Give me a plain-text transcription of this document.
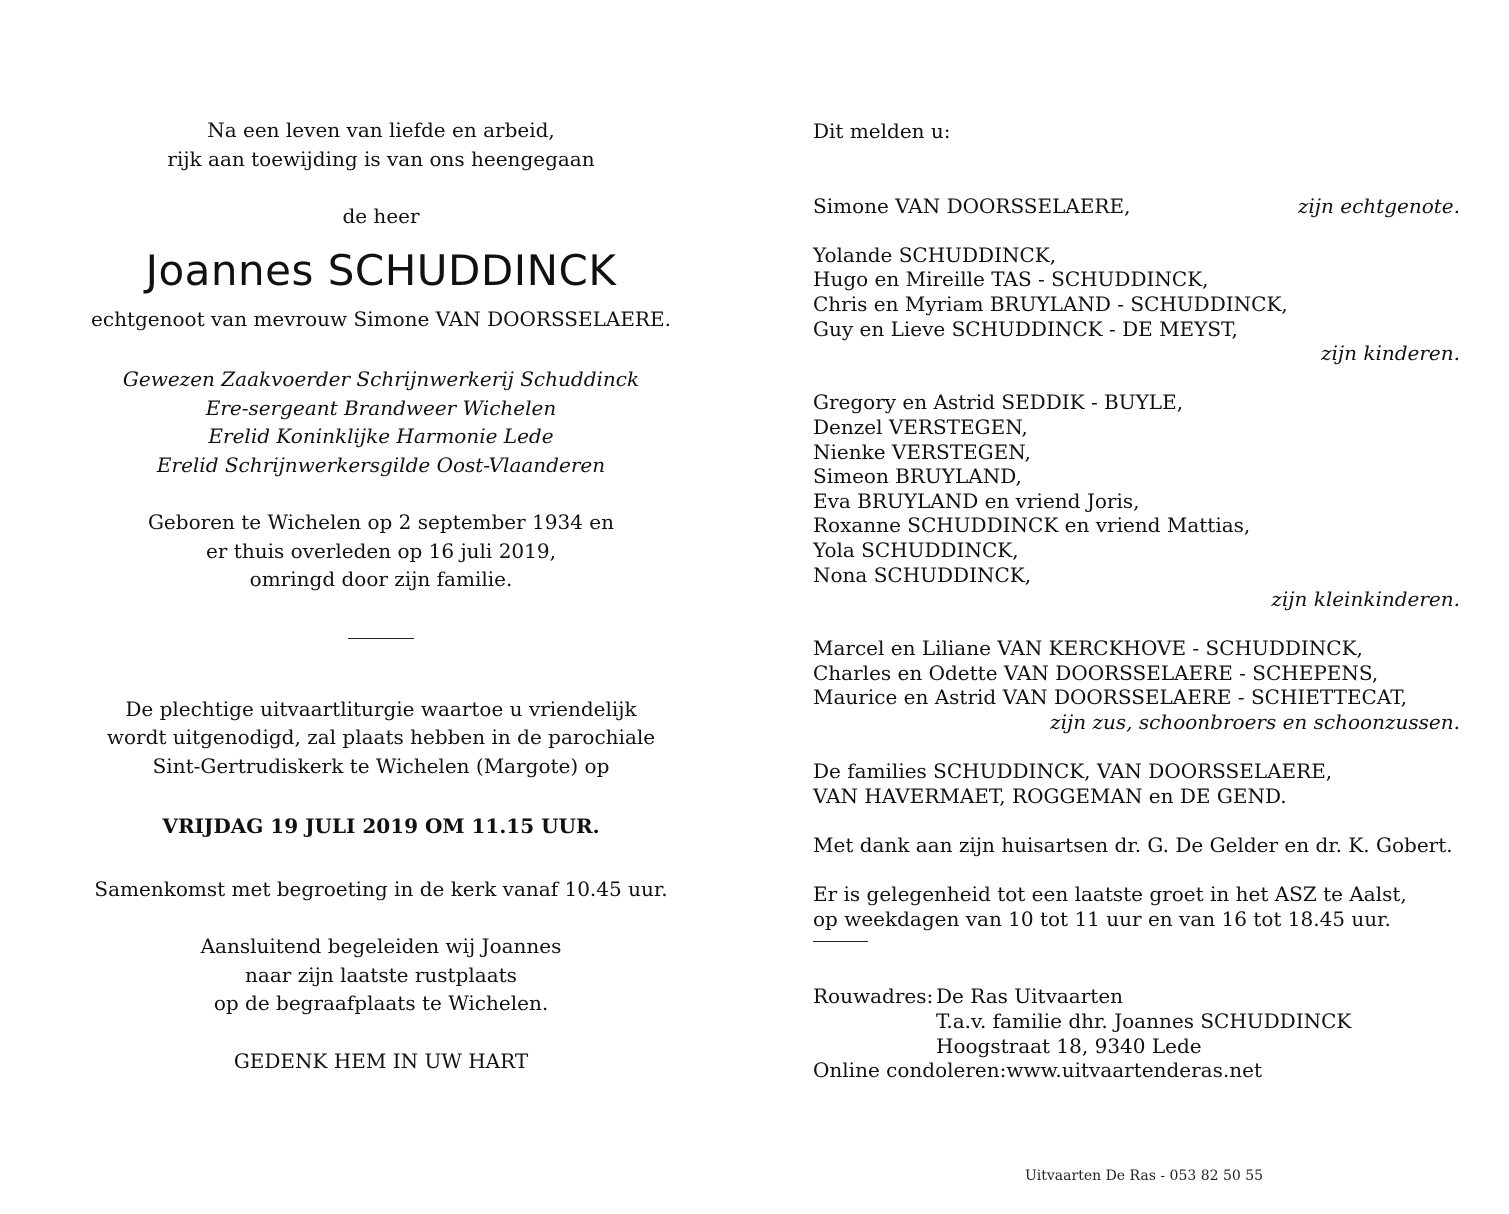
Na een leven van liefde en arbeid,
rijk aan toewijding is van ons heengegaan
de heer
Joannes SCHUDDINCK
echtgenoot van mevrouw Simone VAN DOORSSELAERE.
Gewezen Zaakvoerder Schrijnwerkerij Schuddinck
Ere-sergeant Brandweer Wichelen
Erelid Koninklijke Harmonie Lede
Erelid Schrijnwerkersgilde Oost-Vlaanderen
Geboren te Wichelen op 2 september 1934 en
er thuis overleden op 16 juli 2019,
omringd door zijn familie.
De plechtige uitvaartliturgie waartoe u vriendelijk
wordt uitgenodigd, zal plaats hebben in de parochiale
Sint-Gertrudiskerk te Wichelen (Margote) op
VRIJDAG 19 JULI 2019 OM 11.15 UUR.
Samenkomst met begroeting in de kerk vanaf 10.45 uur.
Aansluitend begeleiden wij Joannes
naar zijn laatste rustplaats
op de begraafplaats te Wichelen.
GEDENK HEM IN UW HART
Dit melden u:
Simone VAN DOORSSELAERE,	zijn echtgenote.
Yolande SCHUDDINCK,
Hugo en Mireille TAS - SCHUDDINCK,
Chris en Myriam BRUYLAND - SCHUDDINCK,
Guy en Lieve SCHUDDINCK - DE MEYST,
zijn kinderen.
Gregory en Astrid SEDDIK - BUYLE,
Denzel VERSTEGEN,
Nienke VERSTEGEN,
Simeon BRUYLAND,
Eva BRUYLAND en vriend Joris,
Roxanne SCHUDDINCK en vriend Mattias,
Yola SCHUDDINCK,
Nona SCHUDDINCK,
zijn kleinkinderen.
Marcel en Liliane VAN KERCKHOVE - SCHUDDINCK,
Charles en Odette VAN DOORSSELAERE - SCHEPENS,
Maurice en Astrid VAN DOORSSELAERE - SCHIETTECAT,
zijn zus, schoonbroers en schoonzussen.
De families SCHUDDINCK, VAN DOORSSELAERE,
VAN HAVERMAET, ROGGEMAN en DE GEND.
Met dank aan zijn huisartsen dr. G. De Gelder en dr. K. Gobert.
Er is gelegenheid tot een laatste groet in het ASZ te Aalst,
op weekdagen van 10 tot 11 uur en van 16 tot 18.45 uur.
Rouwadres: De Ras Uitvaarten
T.a.v. familie dhr. Joannes SCHUDDINCK
Hoogstraat 18, 9340 Lede
Online condoleren: www.uitvaartenderas.net
Uitvaarten De Ras - 053 82 50 55
